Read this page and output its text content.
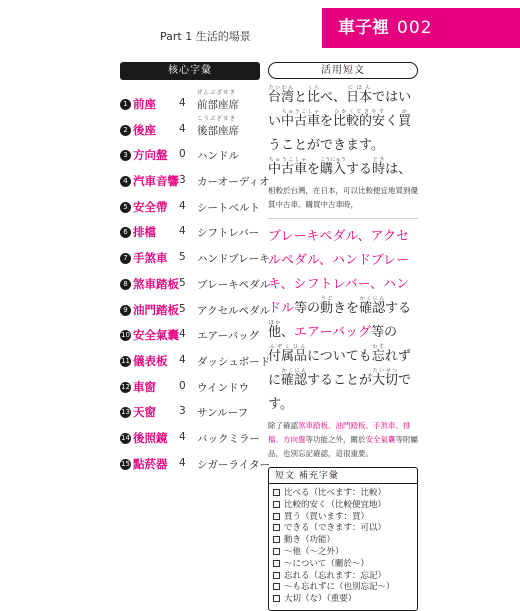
Part 1 生活的場景	車子裡 002
核心字彙
1 前座 4
ぜんぶざせき
前部座席
2 後座 4
こうぶざせき
後部座席
3 方向盤 0 ハンドル
4 汽車音響 3 カーオーディオ
5 安全帶 4 シートベルト
6 排檔 4 シフトレバー
7 手煞車 5 ハンドブレーキ
8 煞車踏板 5 ブレーキペダル
9 油門踏板 5 アクセルペダル
10 安全氣囊 4 エアーバッグ
11 儀表板 4 ダッシュボード
12 車窗 0 ウインドウ
13 天窗 3 サンルーフ
14 後照鏡 4 バックミラー
15 點菸器 4 シガーライター
活用短文

台湾たいわんと比くらべ、日本にほんではいい中古車ちゅうこしゃを比較的安ひかくてきやすく買かうことができます。中古車ちゅうこしゃを購入こうにゅうする時ときは、

相較於台灣，在日本，可以比較便宜地買到優質中古車。購買中古車時，

ブレーキペダル、アクセルペダル、ハンドブレーキ、シフトレバー、ハンドル等の動うごきを確認かくにんする他ほか、エアーバッグ等の付属品ふぞくひんについても忘わすれずに確認かくにんすることが大切たいせつです。

除了確認煞車踏板、油門踏板、手煞車、排檔、方向盤等功能之外，關於安全氣囊等附屬品，也別忘記確認，這很重要。

短文 補充字彙
比べる（比べます：比較）
比較的安く（比較便宜地）
買う（買います：買）
できる（できます：可以）
動き（功能）
～他（～之外）
～について（關於～）
忘れる（忘れます：忘記）
～も忘れずに（也別忘記～）
大切（な）（重要）
